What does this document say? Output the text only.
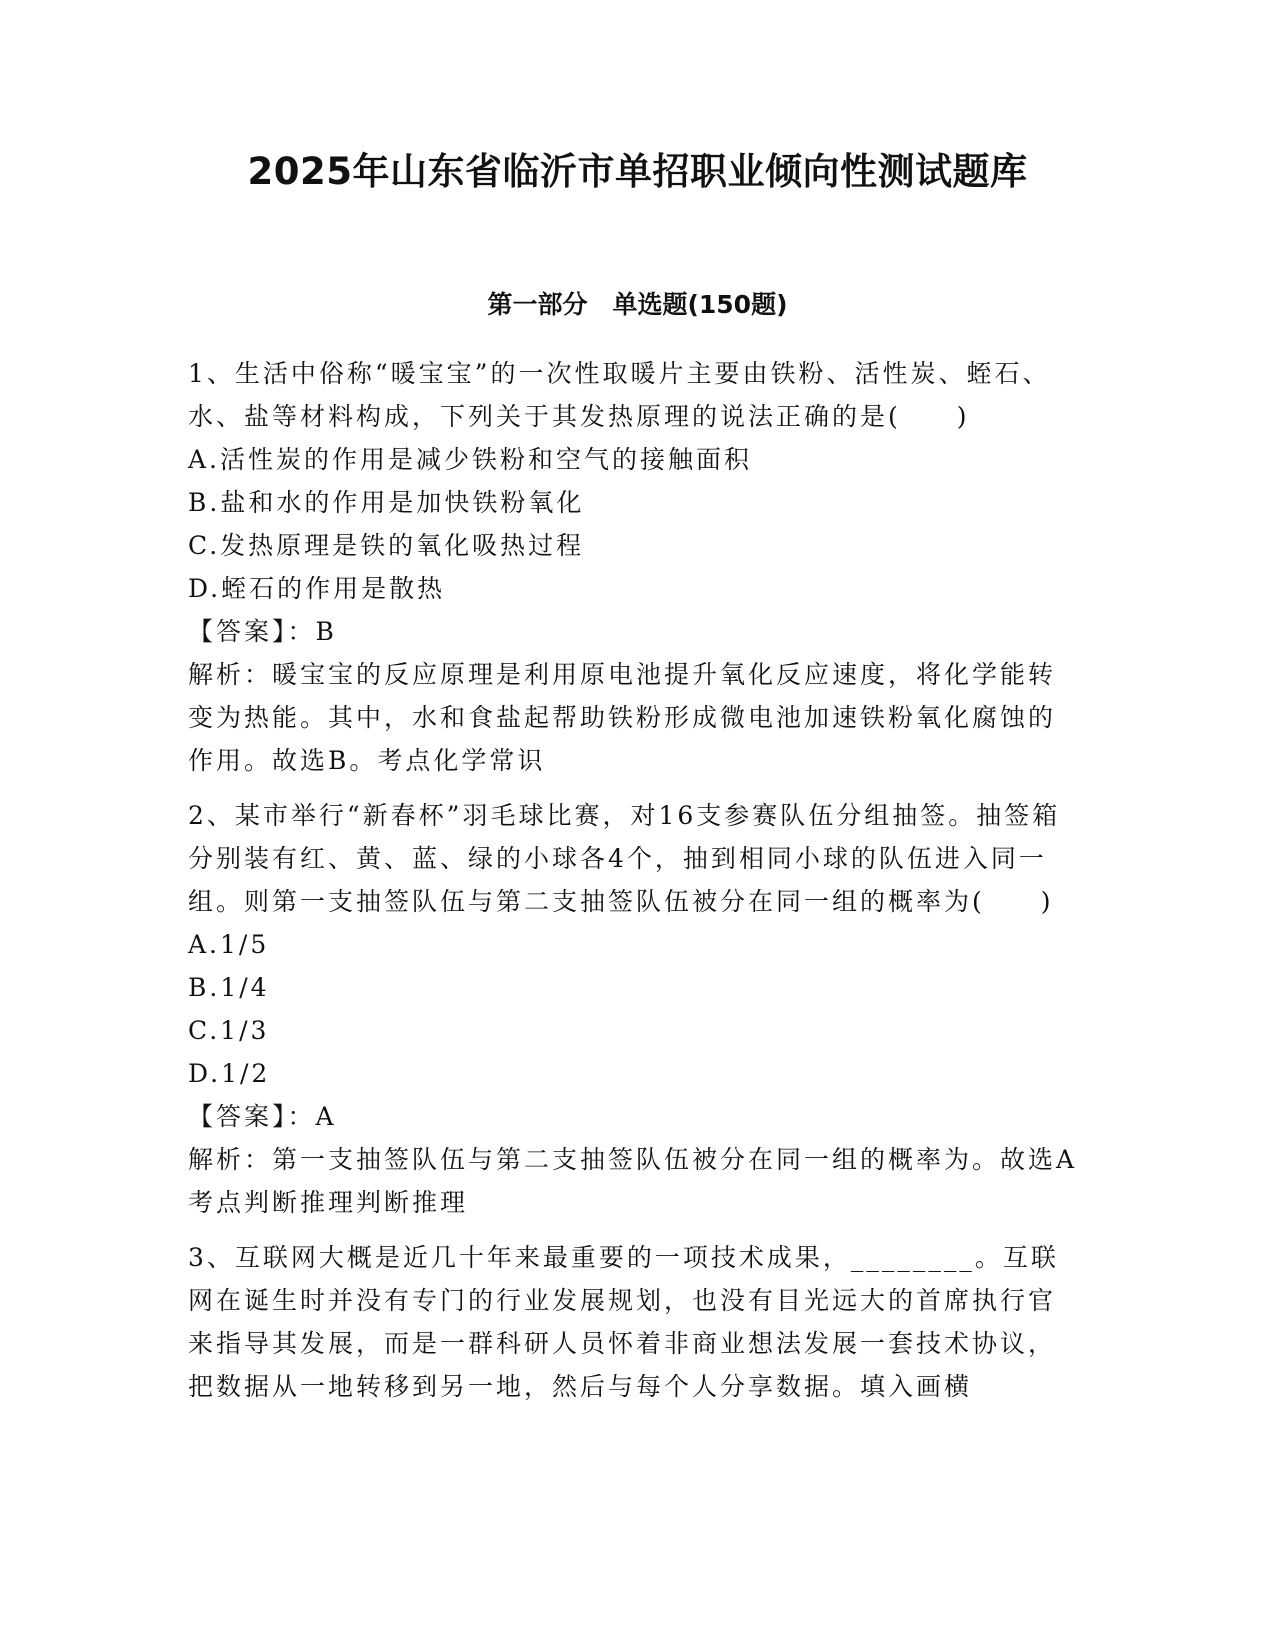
2025年山东省临沂市单招职业倾向性测试题库
第一部分　单选题(150题)
1、生活中俗称“暖宝宝”的一次性取暖片主要由铁粉、活性炭、蛭石、水、盐等材料构成，下列关于其发热原理的说法正确的是(　　)
A.活性炭的作用是减少铁粉和空气的接触面积
B.盐和水的作用是加快铁粉氧化
C.发热原理是铁的氧化吸热过程
D.蛭石的作用是散热
【答案】：B
解析：暖宝宝的反应原理是利用原电池提升氧化反应速度，将化学能转变为热能。其中，水和食盐起帮助铁粉形成微电池加速铁粉氧化腐蚀的作用。故选B。考点化学常识
2、某市举行“新春杯”羽毛球比赛，对16支参赛队伍分组抽签。抽签箱分别装有红、黄、蓝、绿的小球各4个，抽到相同小球的队伍进入同一组。则第一支抽签队伍与第二支抽签队伍被分在同一组的概率为(　　)
A.1/5
B.1/4
C.1/3
D.1/2
【答案】：A
解析：第一支抽签队伍与第二支抽签队伍被分在同一组的概率为。故选A考点判断推理判断推理
3、互联网大概是近几十年来最重要的一项技术成果，________。互联网在诞生时并没有专门的行业发展规划，也没有目光远大的首席执行官来指导其发展，而是一群科研人员怀着非商业想法发展一套技术协议，把数据从一地转移到另一地，然后与每个人分享数据。填入画横
